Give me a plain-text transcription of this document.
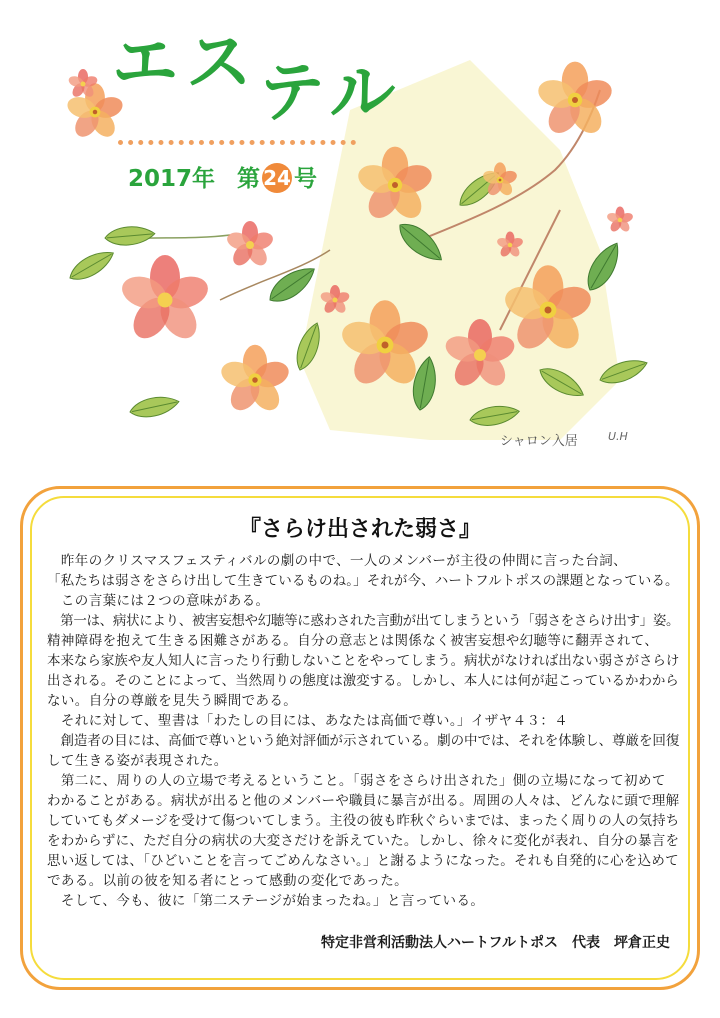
エステル
2017年 第 24 号
シャロン入居	U.H
『さらけ出された弱さ』

　昨年のクリスマスフェスティバルの劇の中で、一人のメンバーが主役の仲間に言った台詞、

「私たちは弱さをさらけ出して生きているものね。」それが今、ハートフルトポスの課題となっている。

　この言葉には２つの意味がある。

　第一は、病状により、被害妄想や幻聴等に惑わされた言動が出てしまうという「弱さをさらけ出す」姿。

精神障碍を抱えて生きる困難さがある。自分の意志とは関係なく被害妄想や幻聴等に翻弄されて、

本来なら家族や友人知人に言ったり行動しないことをやってしまう。病状がなければ出ない弱さがさらけ

出される。そのことによって、当然周りの態度は激変する。しかし、本人には何が起こっているかわから

ない。自分の尊厳を見失う瞬間である。

　それに対して、聖書は「わたしの目には、あなたは高価で尊い。」イザヤ４３：４

　創造者の目には、高価で尊いという絶対評価が示されている。劇の中では、それを体験し、尊厳を回復

して生きる姿が表現された。

　第二に、周りの人の立場で考えるということ。「弱さをさらけ出された」側の立場になって初めて

わかることがある。病状が出ると他のメンバーや職員に暴言が出る。周囲の人々は、どんなに頭で理解

していてもダメージを受けて傷ついてしまう。主役の彼も昨秋ぐらいまでは、まったく周りの人の気持ち

をわからずに、ただ自分の病状の大変さだけを訴えていた。しかし、徐々に変化が表れ、自分の暴言を

思い返しては、「ひどいことを言ってごめんなさい。」と謝るようになった。それも自発的に心を込めて

である。以前の彼を知る者にとって感動の変化であった。

　そして、今も、彼に「第二ステージが始まったね。」と言っている。

特定非営利活動法人ハートフルトポス　代表　坪倉正史
